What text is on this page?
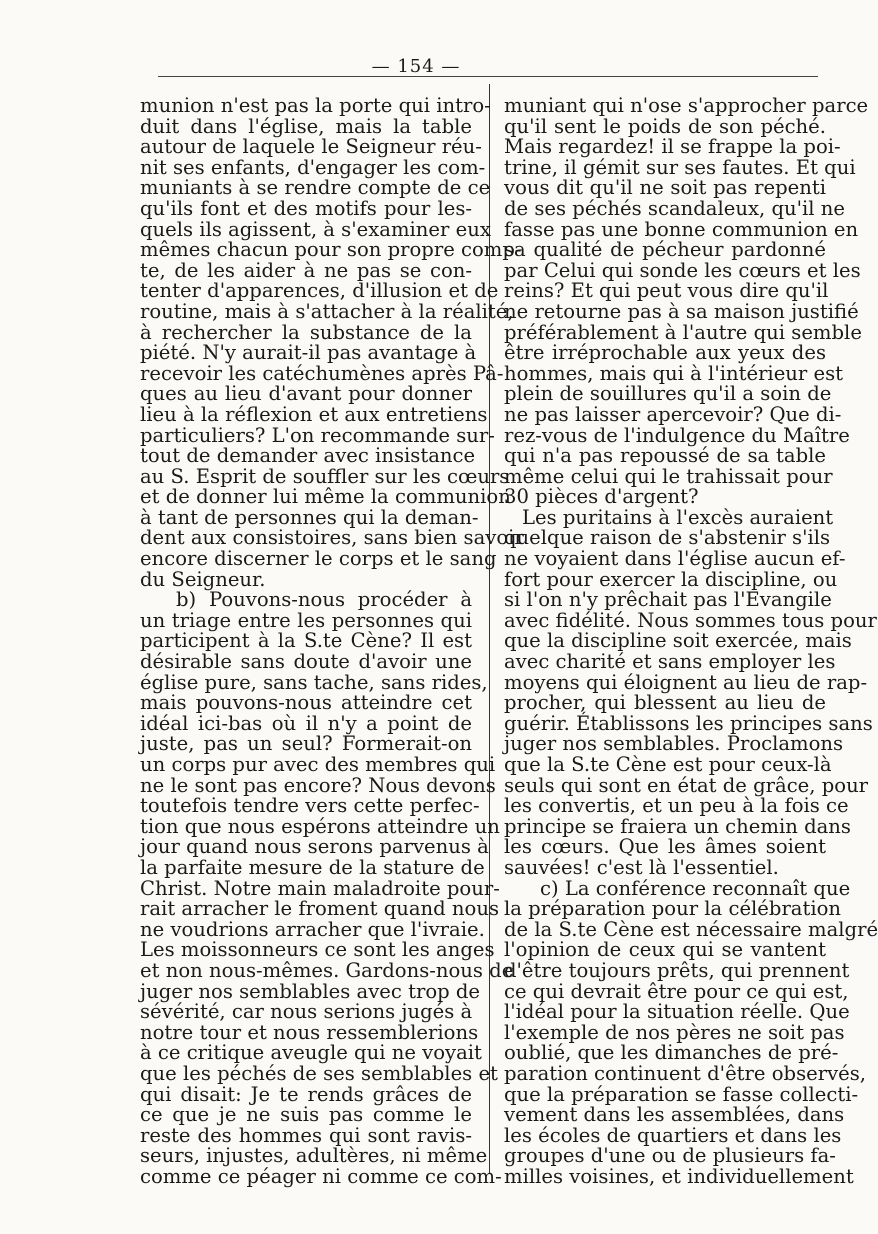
— 154 —
munion n'est pas la porte qui intro-
duit dans l'église, mais la table
autour de laquele le Seigneur réu-
nit ses enfants, d'engager les com-
muniants à se rendre compte de ce
qu'ils font et des motifs pour les-
quels ils agissent, à s'examiner eux
mêmes chacun pour son propre comp-
te, de les aider à ne pas se con-
tenter d'apparences, d'illusion et de
routine, mais à s'attacher à la réalité,
à rechercher la substance de la
piété. N'y aurait-il pas avantage à
recevoir les catéchumènes après Pâ-
ques au lieu d'avant pour donner
lieu à la réflexion et aux entretiens
particuliers? L'on recommande sur-
tout de demander avec insistance
au S. Esprit de souffler sur les cœurs
et de donner lui même la communion
à tant de personnes qui la deman-
dent aux consistoires, sans bien savoir
encore discerner le corps et le sang
du Seigneur.
b) Pouvons-nous procéder à
un triage entre les personnes qui
participent à la S.te Cène? Il est
désirable sans doute d'avoir une
église pure, sans tache, sans rides,
mais pouvons-nous atteindre cet
idéal ici-bas où il n'y a point de
juste, pas un seul? Formerait-on
un corps pur avec des membres qui
ne le sont pas encore? Nous devons
toutefois tendre vers cette perfec-
tion que nous espérons atteindre un
jour quand nous serons parvenus à
la parfaite mesure de la stature de
Christ. Notre main maladroite pour-
rait arracher le froment quand nous
ne voudrions arracher que l'ivraie.
Les moissonneurs ce sont les anges
et non nous-mêmes. Gardons-nous de
juger nos semblables avec trop de
sévérité, car nous serions jugés à
notre tour et nous ressemblerions
à ce critique aveugle qui ne voyait
que les péchés de ses semblables et
qui disait: Je te rends grâces de
ce que je ne suis pas comme le
reste des hommes qui sont ravis-
seurs, injustes, adultères, ni même
comme ce péager ni comme ce com-
muniant qui n'ose s'approcher parce
qu'il sent le poids de son péché.
Mais regardez! il se frappe la poi-
trine, il gémit sur ses fautes. Et qui
vous dit qu'il ne soit pas repenti
de ses péchés scandaleux, qu'il ne
fasse pas une bonne communion en
sa qualité de pécheur pardonné
par Celui qui sonde les cœurs et les
reins? Et qui peut vous dire qu'il
ne retourne pas à sa maison justifié
préférablement à l'autre qui semble
être irréprochable aux yeux des
hommes, mais qui à l'intérieur est
plein de souillures qu'il a soin de
ne pas laisser apercevoir? Que di-
rez-vous de l'indulgence du Maître
qui n'a pas repoussé de sa table
même celui qui le trahissait pour
30 pièces d'argent?
Les puritains à l'excès auraient
quelque raison de s'abstenir s'ils
ne voyaient dans l'église aucun ef-
fort pour exercer la discipline, ou
si l'on n'y prêchait pas l'Evangile
avec fidélité. Nous sommes tous pour
que la discipline soit exercée, mais
avec charité et sans employer les
moyens qui éloignent au lieu de rap-
procher, qui blessent au lieu de
guérir. Établissons les principes sans
juger nos semblables. Proclamons
que la S.te Cène est pour ceux-là
seuls qui sont en état de grâce, pour
les convertis, et un peu à la fois ce
principe se fraiera un chemin dans
les cœurs. Que les âmes soient
sauvées! c'est là l'essentiel.
c) La conférence reconnaît que
la préparation pour la célébration
de la S.te Cène est nécessaire malgré
l'opinion de ceux qui se vantent
d'être toujours prêts, qui prennent
ce qui devrait être pour ce qui est,
l'idéal pour la situation réelle. Que
l'exemple de nos pères ne soit pas
oublié, que les dimanches de pré-
paration continuent d'être observés,
que la préparation se fasse collecti-
vement dans les assemblées, dans
les écoles de quartiers et dans les
groupes d'une ou de plusieurs fa-
milles voisines, et individuellement
